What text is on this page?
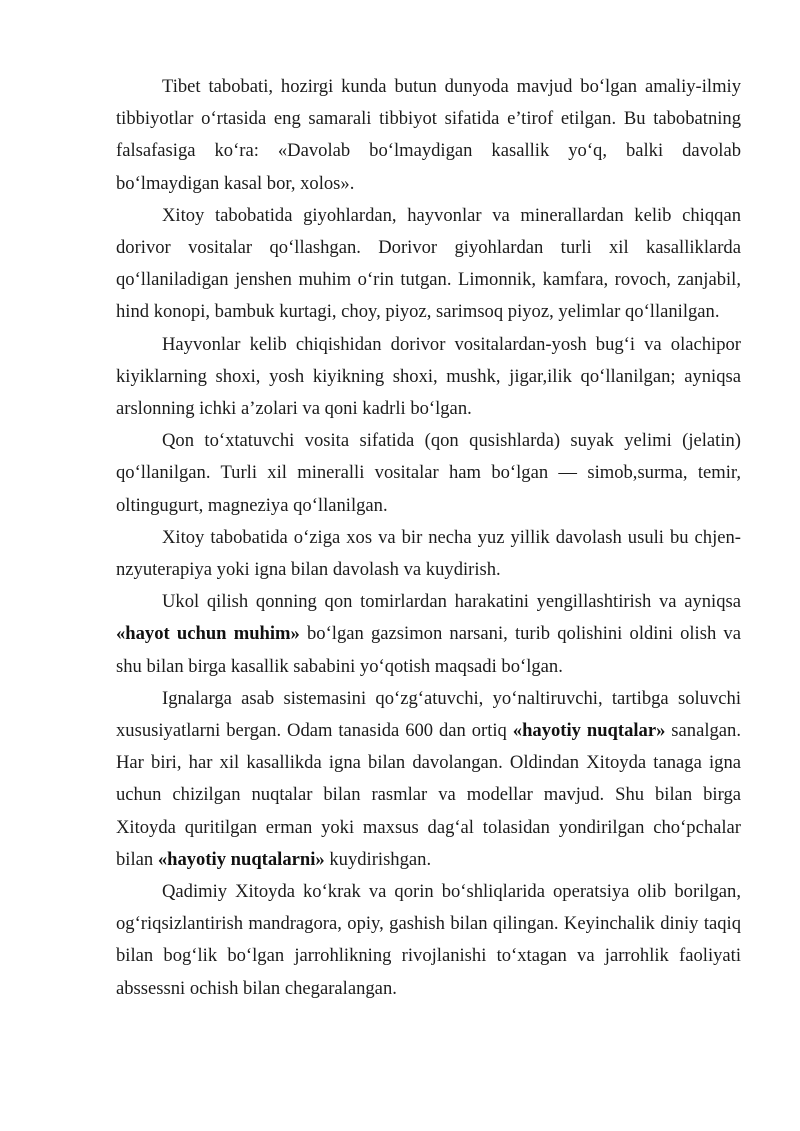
Tibet tabobati, hozirgi kunda butun dunyoda mavjud bo‘lgan amaliy-ilmiy tibbiyotlar o‘rtasida eng samarali tibbiyot sifatida e’tirof etilgan. Bu tabobatning falsafasiga ko‘ra: «Davolab bo‘lmaydigan kasallik yo‘q, balki davolab bo‘lmaydigan kasal bor, xolos».

Xitoy tabobatida giyohlardan, hayvonlar va minerallardan kelib chiqqan dorivor vositalar qo‘llashgan. Dorivor giyohlardan turli xil kasalliklarda qo‘llaniladigan jenshen muhim o‘rin tutgan. Limonnik, kamfara, rovoch, zanjabil, hind konopi, bambuk kurtagi, choy, piyoz, sarimsoq piyoz, yelimlar qo‘llanilgan.

Hayvonlar kelib chiqishidan dorivor vositalardan-yosh bug‘i va olachipor kiyiklarning shoxi, yosh kiyikning shoxi, mushk, jigar,ilik qo‘llanilgan; ayniqsa arslonning ichki a’zolari va qoni kadrli bo‘lgan.

Qon to‘xtatuvchi vosita sifatida (qon qusishlarda) suyak yelimi (jelatin) qo‘llanilgan. Turli xil mineralli vositalar ham bo‘lgan — simob,surma, temir, oltingugurt, magneziya qo‘llanilgan.

Xitoy tabobatida o‘ziga xos va bir necha yuz yillik davolash usuli bu chjen-nzyuterapiya yoki igna bilan davolash va kuydirish.

Ukol qilish qonning qon tomirlardan harakatini yengillashtirish va ayniqsa «hayot uchun muhim» bo‘lgan gazsimon narsani, turib qolishini oldini olish va shu bilan birga kasallik sababini yo‘qotish maqsadi bo‘lgan.

Ignalarga asab sistemasini qo‘zg‘atuvchi, yo‘naltiruvchi, tartibga soluvchi xususiyatlarni bergan. Odam tanasida 600 dan ortiq «hayotiy nuqtalar» sanalgan. Har biri, har xil kasallikda igna bilan davolangan. Oldindan Xitoyda tanaga igna uchun chizilgan nuqtalar bilan rasmlar va modellar mavjud. Shu bilan birga Xitoyda quritilgan erman yoki maxsus dag‘al tolasidan yondirilgan cho‘pchalar bilan «hayotiy nuqtalarni» kuydirishgan.

Qadimiy Xitoyda ko‘krak va qorin bo‘shliqlarida operatsiya olib borilgan, og‘riqsizlantirish mandragora, opiy, gashish bilan qilingan. Keyinchalik diniy taqiq bilan bog‘lik bo‘lgan jarrohlikning rivojlanishi to‘xtagan va jarrohlik faoliyati abssessni ochish bilan chegaralangan.
